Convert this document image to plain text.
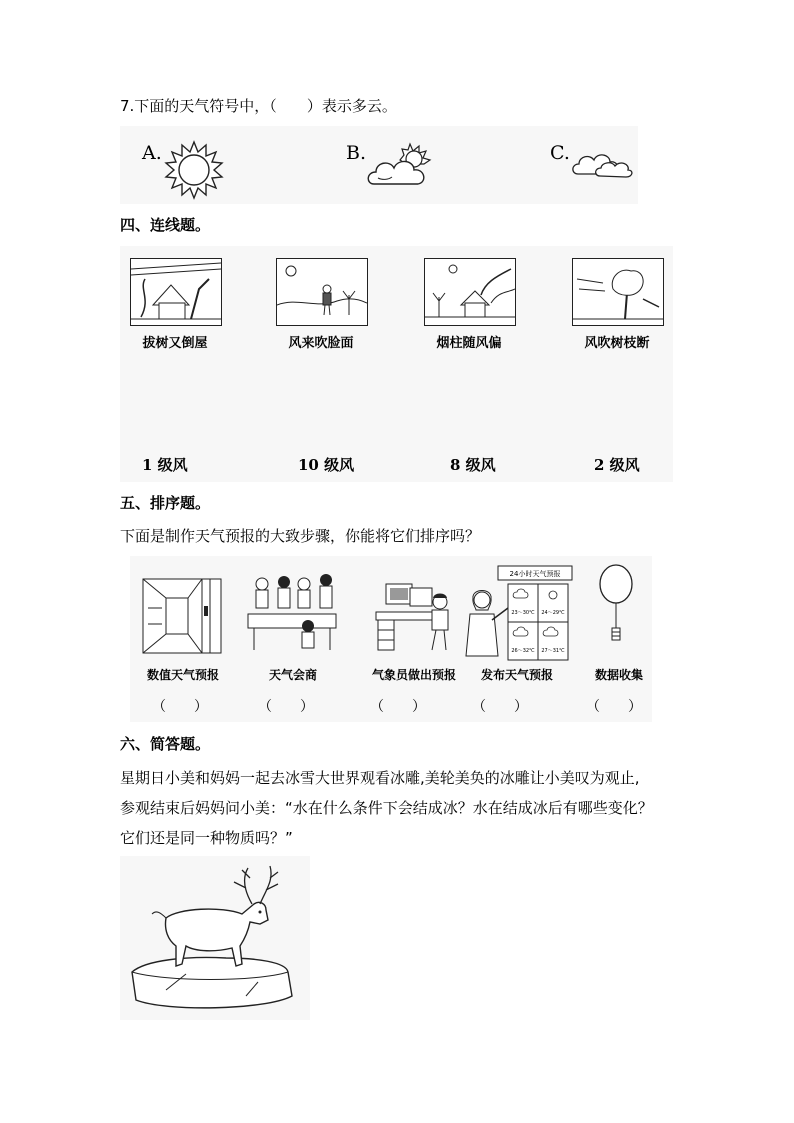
7.下面的天气符号中，（　　）表示多云。
A.	B.	C.
四、连线题。
拔树又倒屋	风来吹脸面	烟柱随风偏	风吹树枝断
1 级风	10 级风	8 级风	2 级风
五、排序题。
下面是制作天气预报的大致步骤，你能将它们排序吗？
数值天气预报
（　　）
天气会商
（　　）
气象员做出预报
（　　）
24小时天气预报
23～30℃ 24～29℃
26～32℃ 27～31℃
发布天气预报
（　　）
数据收集
（　　）
六、简答题。
星期日小美和妈妈一起去冰雪大世界观看冰雕,美轮美奂的冰雕让小美叹为观止,
参观结束后妈妈问小美：“水在什么条件下会结成冰？水在结成冰后有哪些变化？
它们还是同一种物质吗？”
